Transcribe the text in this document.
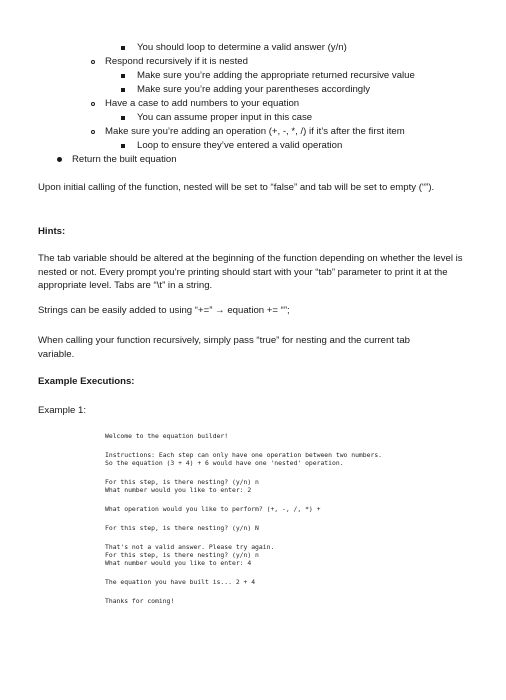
You should loop to determine a valid answer (y/n)
Respond recursively if it is nested
Make sure you’re adding the appropriate returned recursive value
Make sure you’re adding your parentheses accordingly
Have a case to add numbers to your equation
You can assume proper input in this case
Make sure you’re adding an operation (+, -, *, /) if it’s after the first item
Loop to ensure they’ve entered a valid operation
Return the built equation
Upon initial calling of the function, nested will be set to “false” and tab will be set to empty (“”).
Hints:
The tab variable should be altered at the beginning of the function depending on whether the level is nested or not. Every prompt you’re printing should start with your “tab” parameter to print it at the appropriate level. Tabs are “\t” in a string.
Strings can be easily added to using “+=” → equation += “”;
When calling your function recursively, simply pass “true” for nesting and the current tab variable.
Example Executions:
Example 1:
Welcome to the equation builder!
Instructions: Each step can only have one operation between two numbers.
So the equation (3 + 4) + 6 would have one 'nested' operation.
For this step, is there nesting? (y/n) n
What number would you like to enter: 2
What operation would you like to perform? (+, -, /, *) +
For this step, is there nesting? (y/n) N
That's not a valid answer. Please try again.
For this step, is there nesting? (y/n) n
What number would you like to enter: 4
The equation you have built is... 2 + 4
Thanks for coming!
